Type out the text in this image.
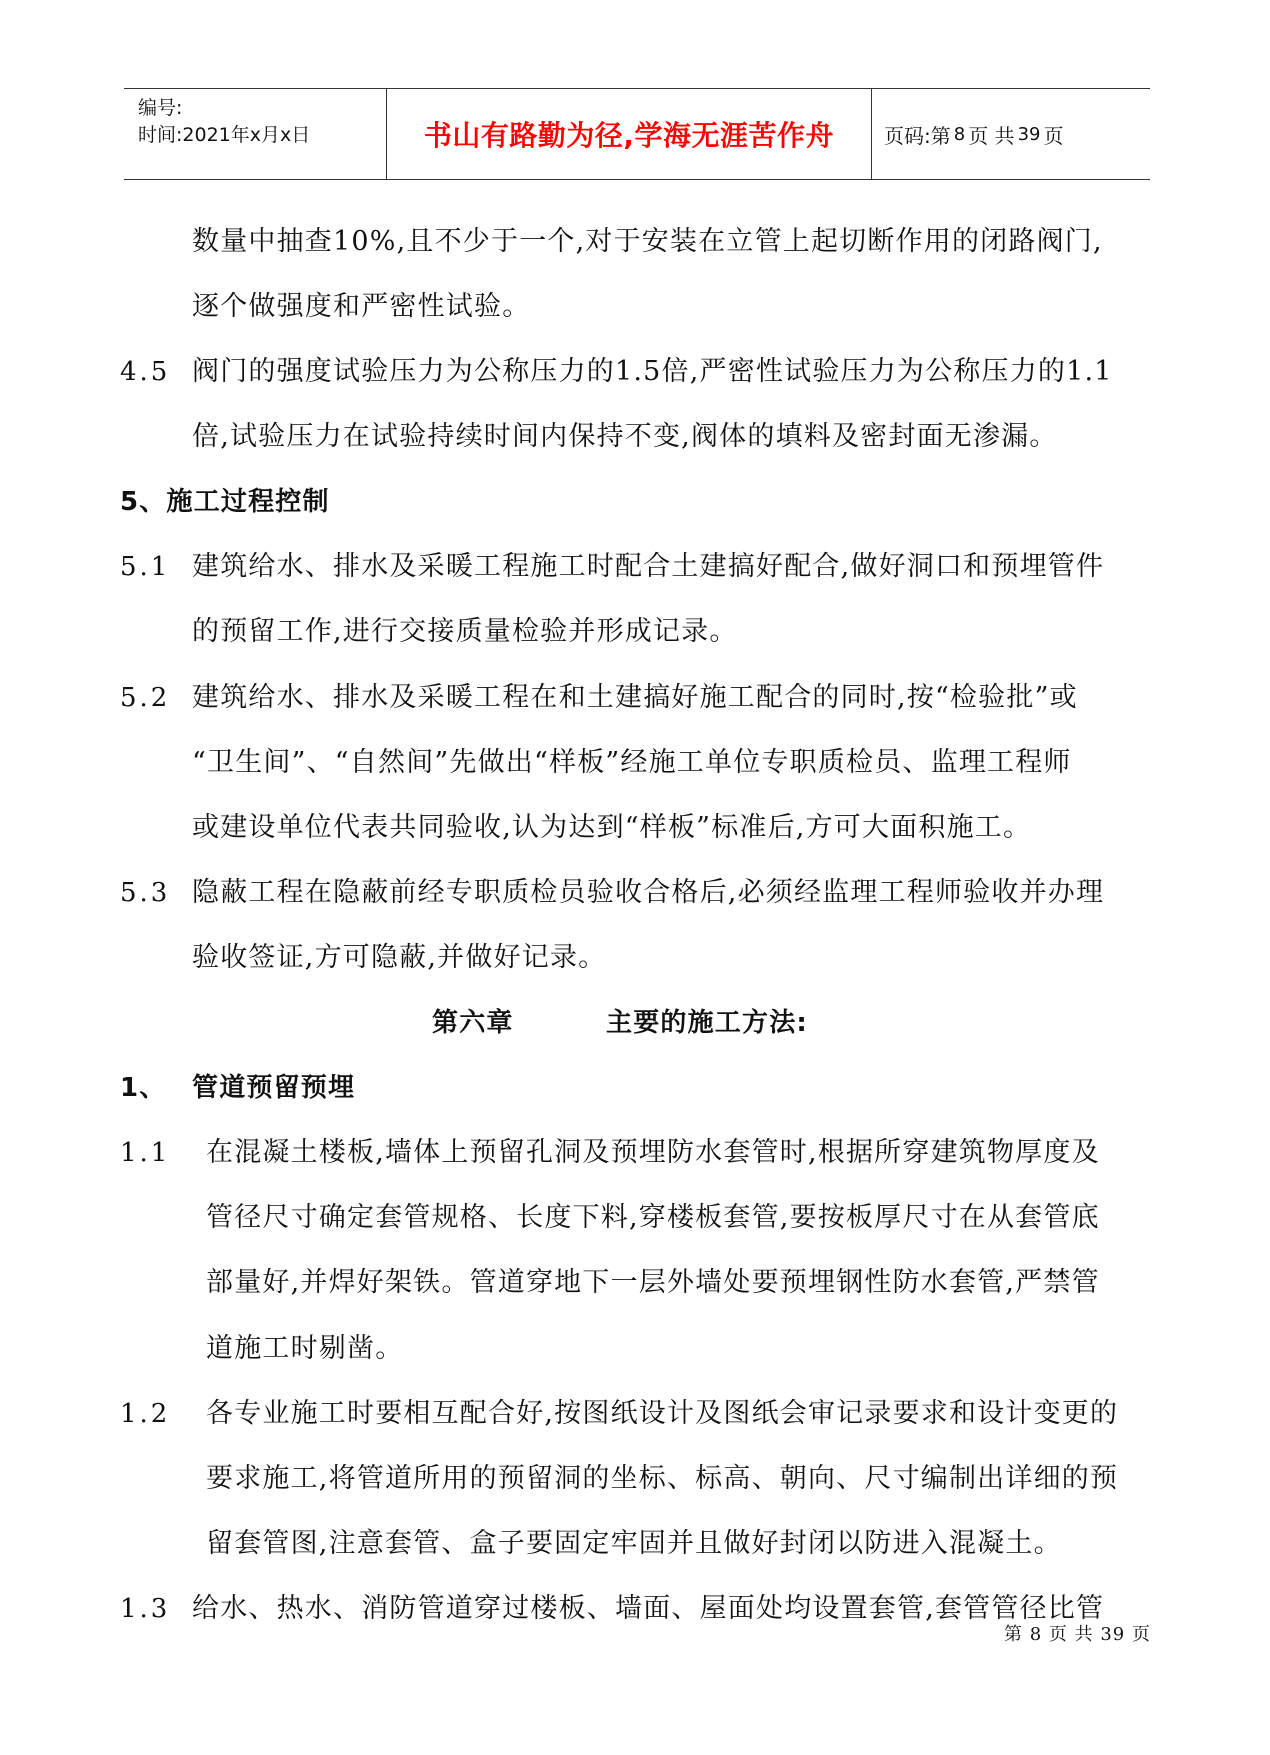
编号:
时间:2021年x月x日	书山有路勤为径,学海无涯苦作舟	页码:第 8 页 共 39 页
数量中抽查10%,且不少于一个,对于安装在立管上起切断作用的闭路阀门,
逐个做强度和严密性试验。
4.5 阀门的强度试验压力为公称压力的1.5倍,严密性试验压力为公称压力的1.1
倍,试验压力在试验持续时间内保持不变,阀体的填料及密封面无渗漏。
5、施工过程控制
5.1 建筑给水、排水及采暖工程施工时配合土建搞好配合,做好洞口和预埋管件
的预留工作,进行交接质量检验并形成记录。
5.2 建筑给水、排水及采暖工程在和土建搞好施工配合的同时,按“检验批”或
“卫生间”、“自然间”先做出“样板”经施工单位专职质检员、监理工程师
或建设单位代表共同验收,认为达到“样板”标准后,方可大面积施工。
5.3 隐蔽工程在隐蔽前经专职质检员验收合格后,必须经监理工程师验收并办理
验收签证,方可隐蔽,并做好记录。
第六章	主要的施工方法:
1、 管道预留预埋
1.1 在混凝土楼板,墙体上预留孔洞及预埋防水套管时,根据所穿建筑物厚度及
管径尺寸确定套管规格、长度下料,穿楼板套管,要按板厚尺寸在从套管底
部量好,并焊好架铁。管道穿地下一层外墙处要预埋钢性防水套管,严禁管
道施工时剔凿。
1.2 各专业施工时要相互配合好,按图纸设计及图纸会审记录要求和设计变更的
要求施工,将管道所用的预留洞的坐标、标高、朝向、尺寸编制出详细的预
留套管图,注意套管、盒子要固定牢固并且做好封闭以防进入混凝土。
1.3 给水、热水、消防管道穿过楼板、墙面、屋面处均设置套管,套管管径比管
第 8 页 共 39 页
